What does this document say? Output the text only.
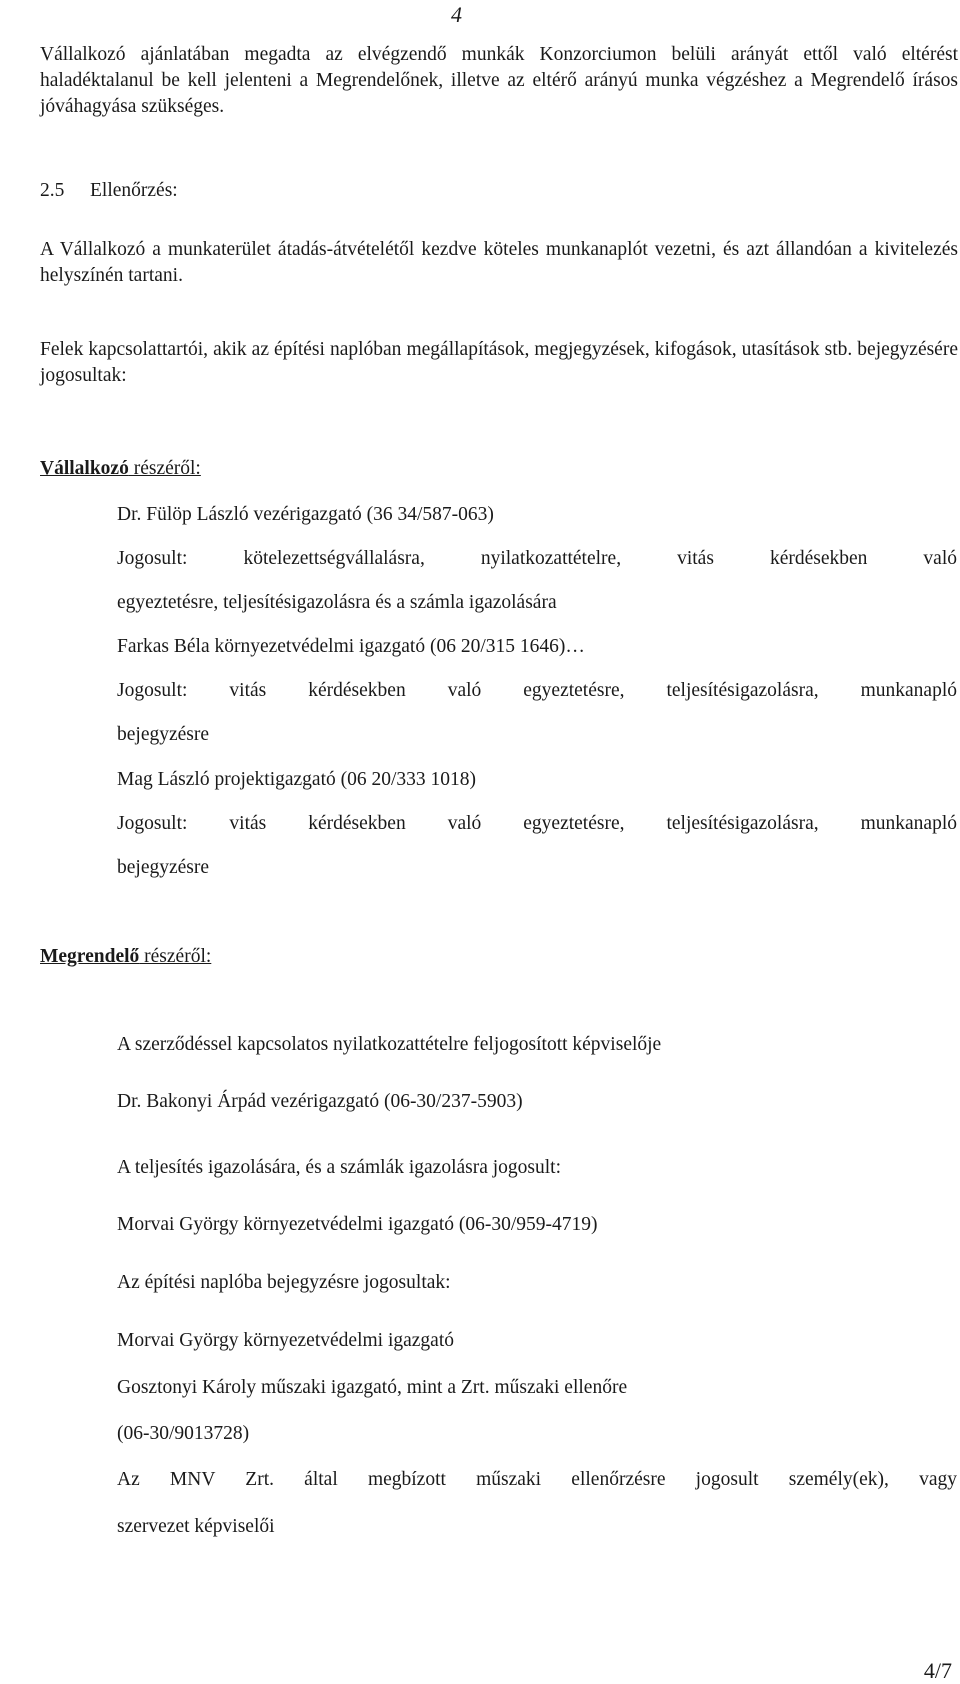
4
Vállalkozó ajánlatában megadta az elvégzendő munkák Konzorciumon belüli arányát ettől való eltérést haladéktalanul be kell jelenteni a Megrendelőnek, illetve az eltérő arányú munka végzéshez a Megrendelő írásos jóváhagyása szükséges.
2.5 Ellenőrzés:
A Vállalkozó a munkaterület átadás-átvételétől kezdve köteles munkanaplót vezetni, és azt állandóan a kivitelezés helyszínén tartani.
Felek kapcsolattartói, akik az építési naplóban megállapítások, megjegyzések, kifogások, utasítások stb. bejegyzésére jogosultak:
Vállalkozó részéről:
Dr. Fülöp László vezérigazgató (36 34/587-063)
Jogosult: kötelezettségvállalásra, nyilatkozattételre, vitás kérdésekben való
egyeztetésre, teljesítésigazolásra és a számla igazolására
Farkas Béla környezetvédelmi igazgató (06 20/315 1646)…
Jogosult: vitás kérdésekben való egyeztetésre, teljesítésigazolásra, munkanapló
bejegyzésre
Mag László projektigazgató (06 20/333 1018)
Jogosult: vitás kérdésekben való egyeztetésre, teljesítésigazolásra, munkanapló
bejegyzésre
Megrendelő részéről:
A szerződéssel kapcsolatos nyilatkozattételre feljogosított képviselője
Dr. Bakonyi Árpád vezérigazgató (06-30/237-5903)
A teljesítés igazolására, és a számlák igazolásra jogosult:
Morvai György környezetvédelmi igazgató (06-30/959-4719)
Az építési naplóba bejegyzésre jogosultak:
Morvai György környezetvédelmi igazgató
Gosztonyi Károly műszaki igazgató, mint a Zrt. műszaki ellenőre
(06-30/9013728)
Az MNV Zrt. által megbízott műszaki ellenőrzésre jogosult személy(ek), vagy
szervezet képviselői
4/7
